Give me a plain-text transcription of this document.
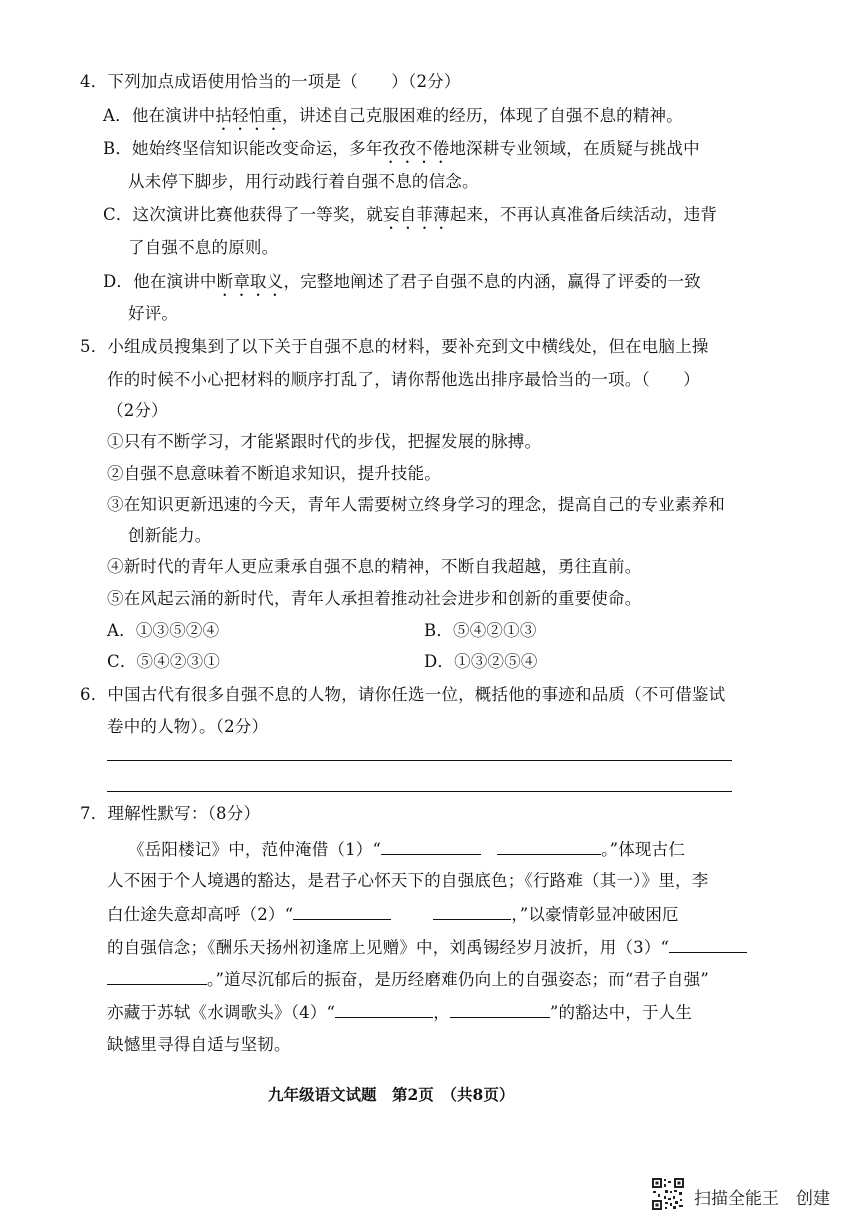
4．下列加点成语使用恰当的一项是（　　）（2分）
A．他在演讲中拈轻怕重，讲述自己克服困难的经历，体现了自强不息的精神。
B．她始终坚信知识能改变命运，多年孜孜不倦地深耕专业领域，在质疑与挑战中
从未停下脚步，用行动践行着自强不息的信念。
C．这次演讲比赛他获得了一等奖，就妄自菲薄起来，不再认真准备后续活动，违背
了自强不息的原则。
D．他在演讲中断章取义，完整地阐述了君子自强不息的内涵，赢得了评委的一致
好评。
5．小组成员搜集到了以下关于自强不息的材料，要补充到文中横线处，但在电脑上操
作的时候不小心把材料的顺序打乱了，请你帮他选出排序最恰当的一项。（　　）
（2分）
①只有不断学习，才能紧跟时代的步伐，把握发展的脉搏。
②自强不息意味着不断追求知识，提升技能。
③在知识更新迅速的今天，青年人需要树立终身学习的理念，提高自己的专业素养和
创新能力。
④新时代的青年人更应秉承自强不息的精神，不断自我超越，勇往直前。
⑤在风起云涌的新时代，青年人承担着推动社会进步和创新的重要使命。
A．①③⑤②④	B．⑤④②①③
C．⑤④②③①	D．①③②⑤④
6．中国古代有很多自强不息的人物，请你任选一位，概括他的事迹和品质（不可借鉴试
卷中的人物）。（2分）
7．理解性默写：（8分）
《岳阳楼记》中，范仲淹借（1）“	。”体现古仁
人不困于个人境遇的豁达，是君子心怀天下的自强底色；《行路难（其一）》里，李
白仕途失意却高呼（2）“	，”以豪情彰显冲破困厄
的自强信念；《酬乐天扬州初逢席上见赠》中，刘禹锡经岁月波折，用（3）“
。”道尽沉郁后的振奋，是历经磨难仍向上的自强姿态；而“君子自强”
亦藏于苏轼《水调歌头》（4）“	，	”的豁达中，于人生
缺憾里寻得自适与坚韧。
九年级语文试题　第2页　（共8页）
扫描全能王　创建
